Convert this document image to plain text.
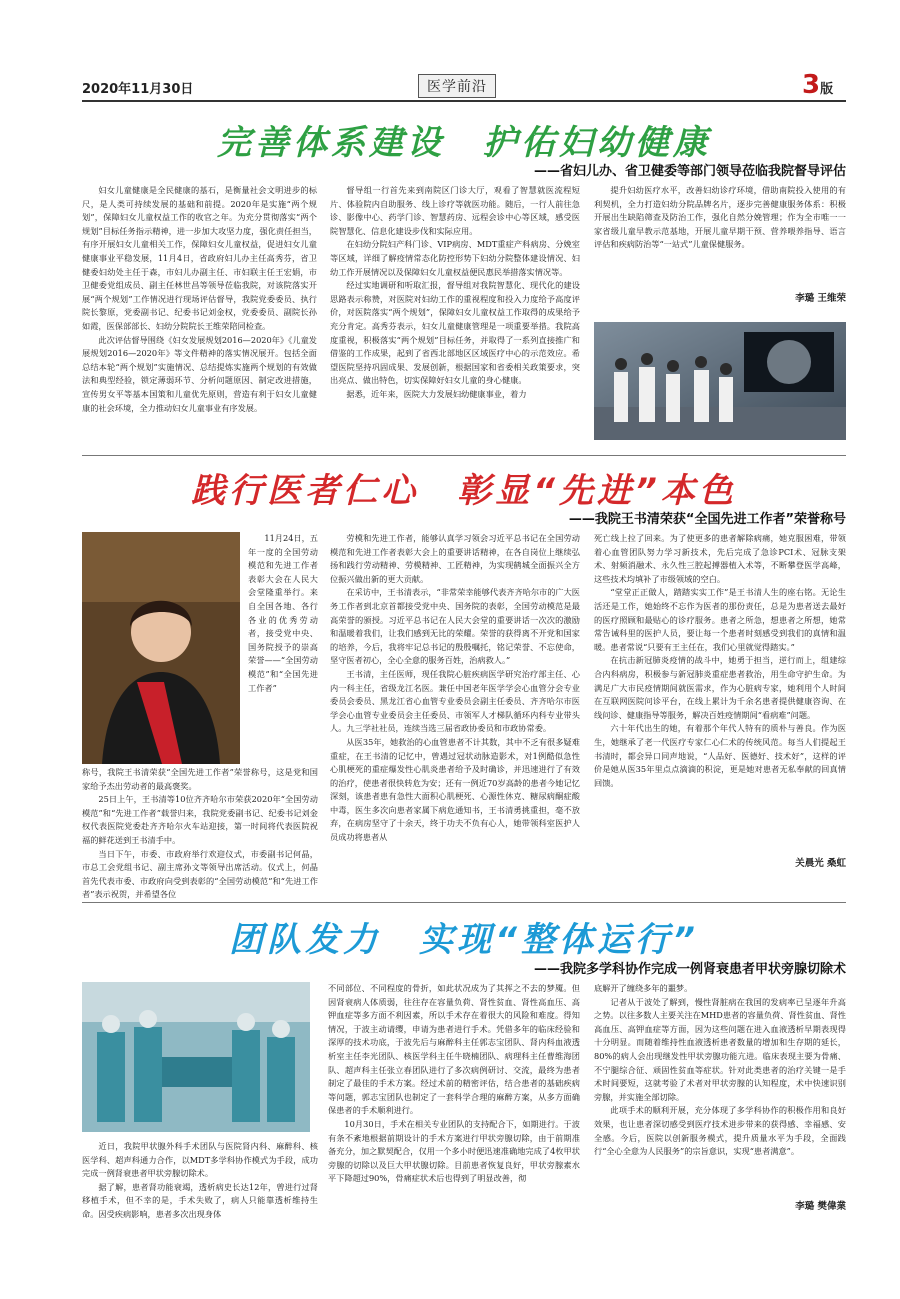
2020年11月30日	医学前沿	3版
完善体系建设　护佑妇幼健康
——省妇儿办、省卫健委等部门领导莅临我院督导评估

妇女儿童健康是全民健康的基石，是衡量社会文明进步的标尺，是人类可持续发展的基础和前提。2020年是实施“两个规划”，保障妇女儿童权益工作的收官之年。为充分贯彻落实“两个规划”目标任务指示精神，进一步加大攻坚力度，强化责任担当，有序开展妇女儿童相关工作，保障妇女儿童权益，促进妇女儿童健康事业平稳发展，11月4日，省政府妇儿办主任高秀芬，省卫健委妇幼处主任于森，市妇儿办副主任、市妇联主任王宏娟，市卫健委党组成员、副主任林世昌等领导莅临我院，对该院落实开展“两个规划”工作情况进行现场评估督导，我院党委委员、执行院长黎原，党委副书记、纪委书记刘金权，党委委员、副院长孙如霞，医保部部长、妇幼分院院长王维荣陪同检查。

此次评估督导围绕《妇女发展规划2016—2020年》《儿童发展规划2016—2020年》等文件精神的落实情况展开。包括全面总结本轮“两个规划”实施情况、总结提炼实施两个规划的有效做法和典型经验，锁定薄弱环节、分析问题原因、制定改进措施，宣传男女平等基本国策和儿童优先原则，营造有利于妇女儿童健康的社会环境，全力推动妇女儿童事业有序发展。

督导组一行首先来到南院区门诊大厅，观看了智慧就医流程短片、体验院内自助服务、线上诊疗等就医功能。随后，一行人前往急诊、影像中心、药学门诊、智慧药房、远程会诊中心等区域，感受医院智慧化、信息化建设步伐和实际应用。

在妇幼分院妇产科门诊、VIP病房、MDT重症产科病房、分娩室等区域，详细了解疫情常态化防控形势下妇幼分院整体建设情况、妇幼工作开展情况以及保障妇女儿童权益便民惠民举措落实情况等。

经过实地调研和听取汇报，督导组对我院智慧化、现代化的建设思路表示称赞，对医院对妇幼工作的重视程度和投入力度给予高度评价，对医院落实“两个规划”，保障妇女儿童权益工作取得的成果给予充分肯定。高秀芬表示，妇女儿童健康管理是一项重要举措。我院高度重视，积极落实“两个规划”目标任务，并取得了一系列直接推广和借鉴的工作成果，起到了省西北部地区区域医疗中心的示范效应。希望医院坚持巩固成果、发展创新，根据国家和省委相关政策要求，突出亮点、做出特色，切实保障好妇女儿童的身心健康。

据悉，近年来，医院大力发展妇幼健康事业，着力

提升妇幼医疗水平，改善妇幼诊疗环境，借助南院投入使用的有利契机，全力打造妇幼分院品牌名片，逐步完善健康服务体系：积极开展出生缺陷筛查及防治工作，强化自然分娩管理；作为全市唯一一家省级儿童早教示范基地，开展儿童早期干预、营养喂养指导、语言评估和疾病防治等“一站式”儿童保健服务。

李璐 王维荣
践行医者仁心　彰显“先进”本色
——我院王书清荣获“全国先进工作者”荣誉称号

11月24日，五年一度的全国劳动模范和先进工作者表彰大会在人民大会堂隆重举行。来自全国各地、各行各业的优秀劳动者，接受党中央、国务院授予的崇高荣誉——“全国劳动模范”和“全国先进工作者”

称号，我院王书清荣获“全国先进工作者”荣誉称号，这是党和国家给予杰出劳动者的最高褒奖。

25日上午，王书清等10位齐齐哈尔市荣获2020年“全国劳动模范”和“先进工作者”载誉归来，我院党委副书记、纪委书记刘金权代表医院党委赴齐齐哈尔火车站迎接，第一时间将代表医院祝福的鲜花送到王书清手中。

当日下午，市委、市政府举行欢迎仪式，市委副书记何晶，市总工会党组书记、副主席孙文等领导出席活动。仪式上，何晶首先代表市委、市政府向受到表彰的“全国劳动模范”和“先进工作者”表示祝贺，并希望各位

劳模和先进工作者，能够认真学习领会习近平总书记在全国劳动模范和先进工作者表彰大会上的重要讲话精神，在各自岗位上继续弘扬和践行劳动精神、劳模精神、工匠精神，为实现鹤城全面振兴全方位振兴做出新的更大贡献。

在采访中，王书清表示，“非常荣幸能够代表齐齐哈尔市的广大医务工作者到北京首都接受党中央、国务院的表彰，全国劳动模范是最高荣誉的颁授。习近平总书记在人民大会堂的重要讲话一次次的激励和温暖着我们，让我们感到无比的荣耀。荣誉的获得离不开党和国家的培养，今后，我将牢记总书记的殷殷嘱托，铭记荣誉、不忘使命，坚守医者初心，全心全意的服务百姓，治病救人。”

王书清，主任医师，现任我院心脏疾病医学研究治疗部主任、心内一科主任，省级龙江名医。兼任中国老年医学学会心血管分会专业委员会委员、黑龙江省心血管专业委员会副主任委员、齐齐哈尔市医学会心血管专业委员会主任委员、市领军人才梯队循环内科专业带头人。九三学社社员，连续当选三届省政协委员和市政协常委。

从医35年，她救治的心血管患者不计其数，其中不乏有很多疑难重症，在王书清的记忆中，曾遇过冠状动脉造影术，对1例酷似急性心肌梗死的重症爆发性心肌炎患者给予及时确诊，并迅速进行了有效的治疗，使患者很快转危为安；还有一例近70岁高龄的患者今她记忆深刻，该患者患有急性大面积心肌梗死、心源性休克、糖尿病酮症酸中毒，医生多次向患者家属下病危通知书，王书清勇挑重担，毫不放弃，在病房坚守了十余天，终于功夫不负有心人，她带领科室医护人员成功将患者从

死亡线上拉了回来。为了使更多的患者解除病痛，她克服困难，带领着心血管团队努力学习新技术，先后完成了急诊PCI术、冠脉支架术、射频消融术、永久性三腔起搏器植入术等，不断攀登医学高峰，这些技术均填补了市级领域的空白。

“堂堂正正做人，踏踏实实工作”是王书清人生的座右铭。无论生活还是工作，她始终不忘作为医者的那份责任，总是为患者送去最好的医疗照顾和最贴心的诊疗服务。患者之所急，想患者之所想，她常常告诫科里的医护人员，要让每一个患者时刻感受到我们的真情和温暖。患者常说“只要有王主任在，我们心里就觉得踏实。”

在抗击新冠肺炎疫情的战斗中，她勇于担当，逆行而上，组建综合内科病房，积极参与新冠肺炎重症患者救治，用生命守护生命。为满足广大市民疫情期间就医需求，作为心脏病专家，她利用个人时间在互联网医院问诊平台，在线上累计为千余名患者提供健康咨询、在线问诊、健康指导等服务，解决百姓疫情期间“看病难”问题。

六十年代出生的她，有着那个年代人特有的质朴与善良。作为医生，她继承了老一代医疗专家仁心仁术的传统风范。每当人们提起王书清时，都会异口同声地说，“人品好、医德好、技术好”，这样的评价是她从医35年里点点滴滴的积淀，更是她对患者无私奉献的回真情回馈。

关晨光 桑虹
团队发力　实现“整体运行”
——我院多学科协作完成一例肾衰患者甲状旁腺切除术

近日，我院甲状腺外科手术团队与医院肾内科、麻醉科、核医学科、超声科通力合作，以MDT多学科协作模式为手段，成功完成一例肾衰患者甲状旁腺切除术。

据了解，患者肾功能衰竭，透析病史长达12年，曾进行过肾移植手术，但不幸的是，手术失败了，病人只能靠透析维持生命。因受疾病影响，患者多次出现身体

不同部位、不同程度的骨折，如此状况成为了其挥之不去的梦魇。但因肾衰病人体质弱，往往存在容量负荷、肾性贫血、肾性高血压、高钾血症等多方面不利因素，所以手术存在着很大的风险和难度。得知情况，于波主动请缨，申请为患者进行手术。凭借多年的临床经验和深厚的技术功底，于波先后与麻醉科主任郭志宝团队、肾内科血液透析室主任李光团队、核医学科主任牛晓楠团队、病理科主任曹维海团队、超声科主任张立春团队进行了多次病例研讨、交流，最终为患者制定了最佳的手术方案。经过术前的精密评估，结合患者的基础疾病等问题，郭志宝团队也制定了一套科学合理的麻醉方案，从多方面确保患者的手术顺利进行。

10月30日，手术在相关专业团队的支持配合下，如期进行。于波有条不紊地根据前期设计的手术方案进行甲状旁腺切除，由于前期准备充分，加之默契配合，仅用一个多小时便迅速准确地完成了4枚甲状旁腺的切除以及巨大甲状腺切除。目前患者恢复良好，甲状旁腺素水平下降超过90%，骨痛症状术后也得到了明显改善，彻

底解开了缠绕多年的噩梦。

记者从于波处了解到，慢性肾脏病在我国的发病率已呈逐年升高之势。以往多数人主要关注在MHD患者的容量负荷、肾性贫血、肾性高血压、高钾血症等方面，因为这些问题在进入血液透析早期表现得十分明显。而随着维持性血液透析患者数量的增加和生存期的延长，80%的病人会出现继发性甲状旁腺功能亢进。临床表现主要为骨痛、不宁腿综合征、顽固性贫血等症状。针对此类患者的治疗关键一是手术时间要短，这就考验了术者对甲状旁腺的认知程度，术中快速识别旁腺，并实施全部切除。

此项手术的顺利开展，充分体现了多学科协作的积极作用和良好效果，也让患者深切感受到医疗技术进步带来的获得感、幸福感、安全感。今后，医院以创新服务模式，提升质量水平为手段，全面践行“全心全意为人民服务”的宗旨意识，实现“患者满意”。

李璐 樊偉業
